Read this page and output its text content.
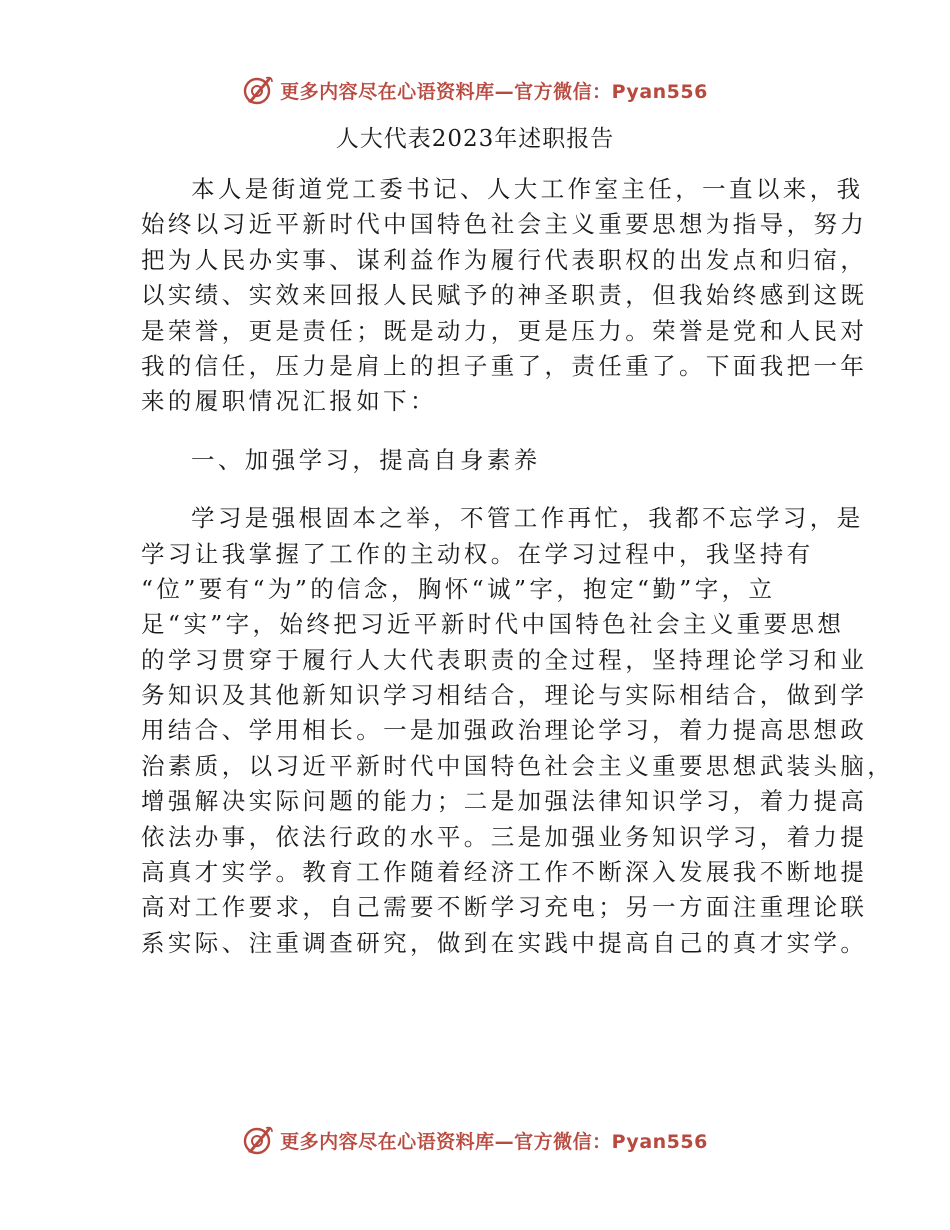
更多内容尽在心语资料库—官方微信：Pyan556
人大代表2023年述职报告
本人是街道党工委书记、人大工作室主任，一直以来，我
始终以习近平新时代中国特色社会主义重要思想为指导，努力
把为人民办实事、谋利益作为履行代表职权的出发点和归宿，
以实绩、实效来回报人民赋予的神圣职责，但我始终感到这既
是荣誉，更是责任；既是动力，更是压力。荣誉是党和人民对
我的信任，压力是肩上的担子重了，责任重了。下面我把一年
来的履职情况汇报如下：
一、加强学习，提高自身素养
学习是强根固本之举，不管工作再忙，我都不忘学习，是
学习让我掌握了工作的主动权。在学习过程中，我坚持有
“位”要有“为”的信念，胸怀“诚”字，抱定“勤”字，立
足“实”字，始终把习近平新时代中国特色社会主义重要思想
的学习贯穿于履行人大代表职责的全过程，坚持理论学习和业
务知识及其他新知识学习相结合，理论与实际相结合，做到学
用结合、学用相长。一是加强政治理论学习，着力提高思想政
治素质，以习近平新时代中国特色社会主义重要思想武装头脑，
增强解决实际问题的能力；二是加强法律知识学习，着力提高
依法办事，依法行政的水平。三是加强业务知识学习，着力提
高真才实学。教育工作随着经济工作不断深入发展我不断地提
高对工作要求，自己需要不断学习充电；另一方面注重理论联
系实际、注重调查研究，做到在实践中提高自己的真才实学。
更多内容尽在心语资料库—官方微信：Pyan556
